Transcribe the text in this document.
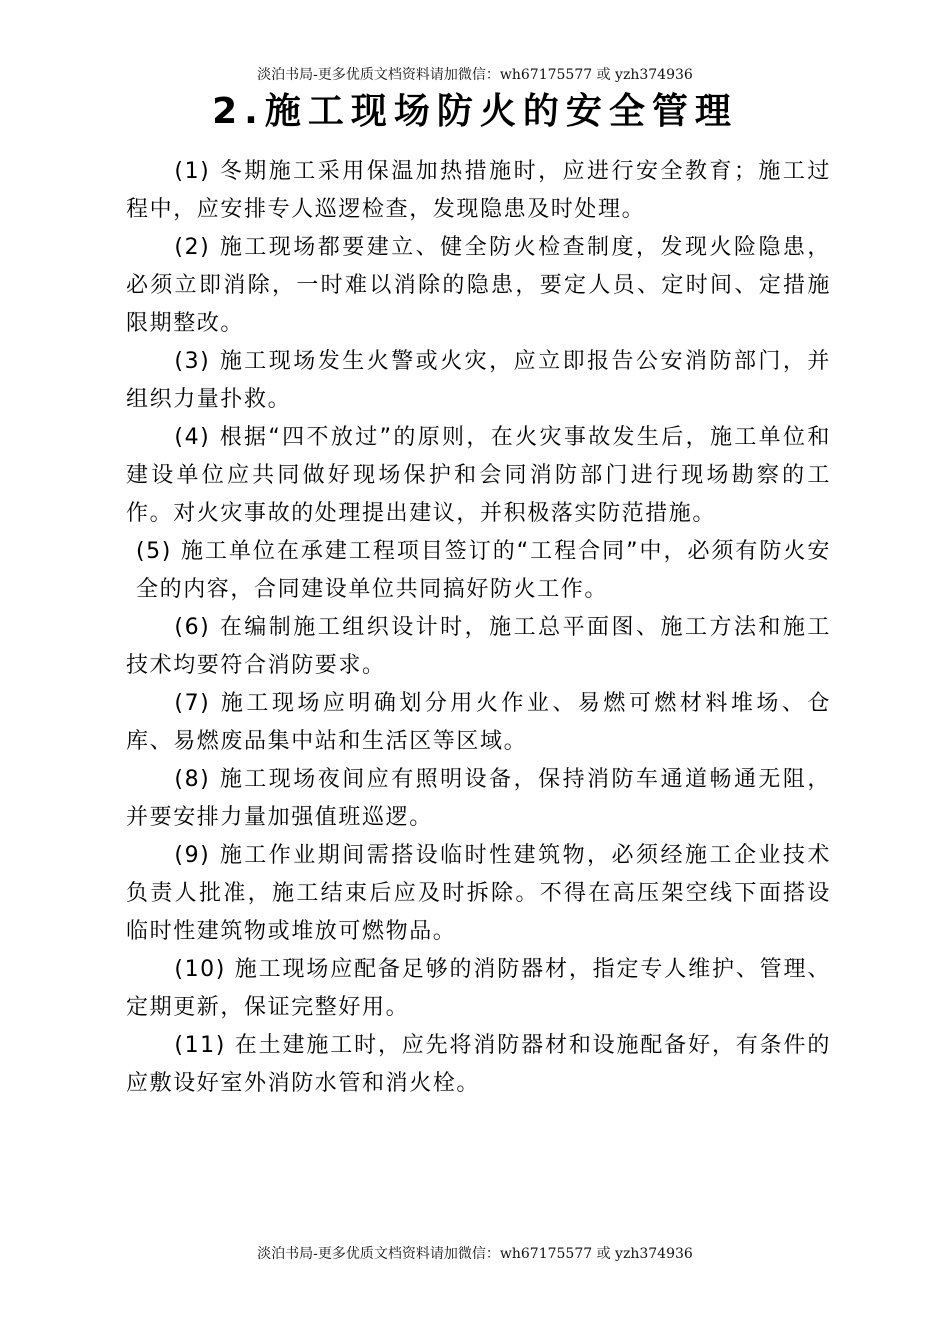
淡泊书局-更多优质文档资料请加微信：wh67175577 或 yzh374936
2.施工现场防火的安全管理

(1) 冬期施工采用保温加热措施时，应进行安全教育；施工过程中，应安排专人巡逻检查，发现隐患及时处理。

(2) 施工现场都要建立、健全防火检查制度，发现火险隐患，必须立即消除，一时难以消除的隐患，要定人员、定时间、定措施限期整改。

(3) 施工现场发生火警或火灾，应立即报告公安消防部门，并组织力量扑救。

(4) 根据“四不放过”的原则，在火灾事故发生后，施工单位和建设单位应共同做好现场保护和会同消防部门进行现场勘察的工作。对火灾事故的处理提出建议，并积极落实防范措施。

(5) 施工单位在承建工程项目签订的“工程合同”中，必须有防火安全的内容，合同建设单位共同搞好防火工作。

(6) 在编制施工组织设计时，施工总平面图、施工方法和施工技术均要符合消防要求。

(7) 施工现场应明确划分用火作业、易燃可燃材料堆场、仓库、易燃废品集中站和生活区等区域。

(8) 施工现场夜间应有照明设备，保持消防车通道畅通无阻，并要安排力量加强值班巡逻。

(9) 施工作业期间需搭设临时性建筑物，必须经施工企业技术负责人批准，施工结束后应及时拆除。不得在高压架空线下面搭设临时性建筑物或堆放可燃物品。

(10) 施工现场应配备足够的消防器材，指定专人维护、管理、定期更新，保证完整好用。

(11) 在土建施工时，应先将消防器材和设施配备好，有条件的应敷设好室外消防水管和消火栓。

淡泊书局-更多优质文档资料请加微信：wh67175577 或 yzh374936
